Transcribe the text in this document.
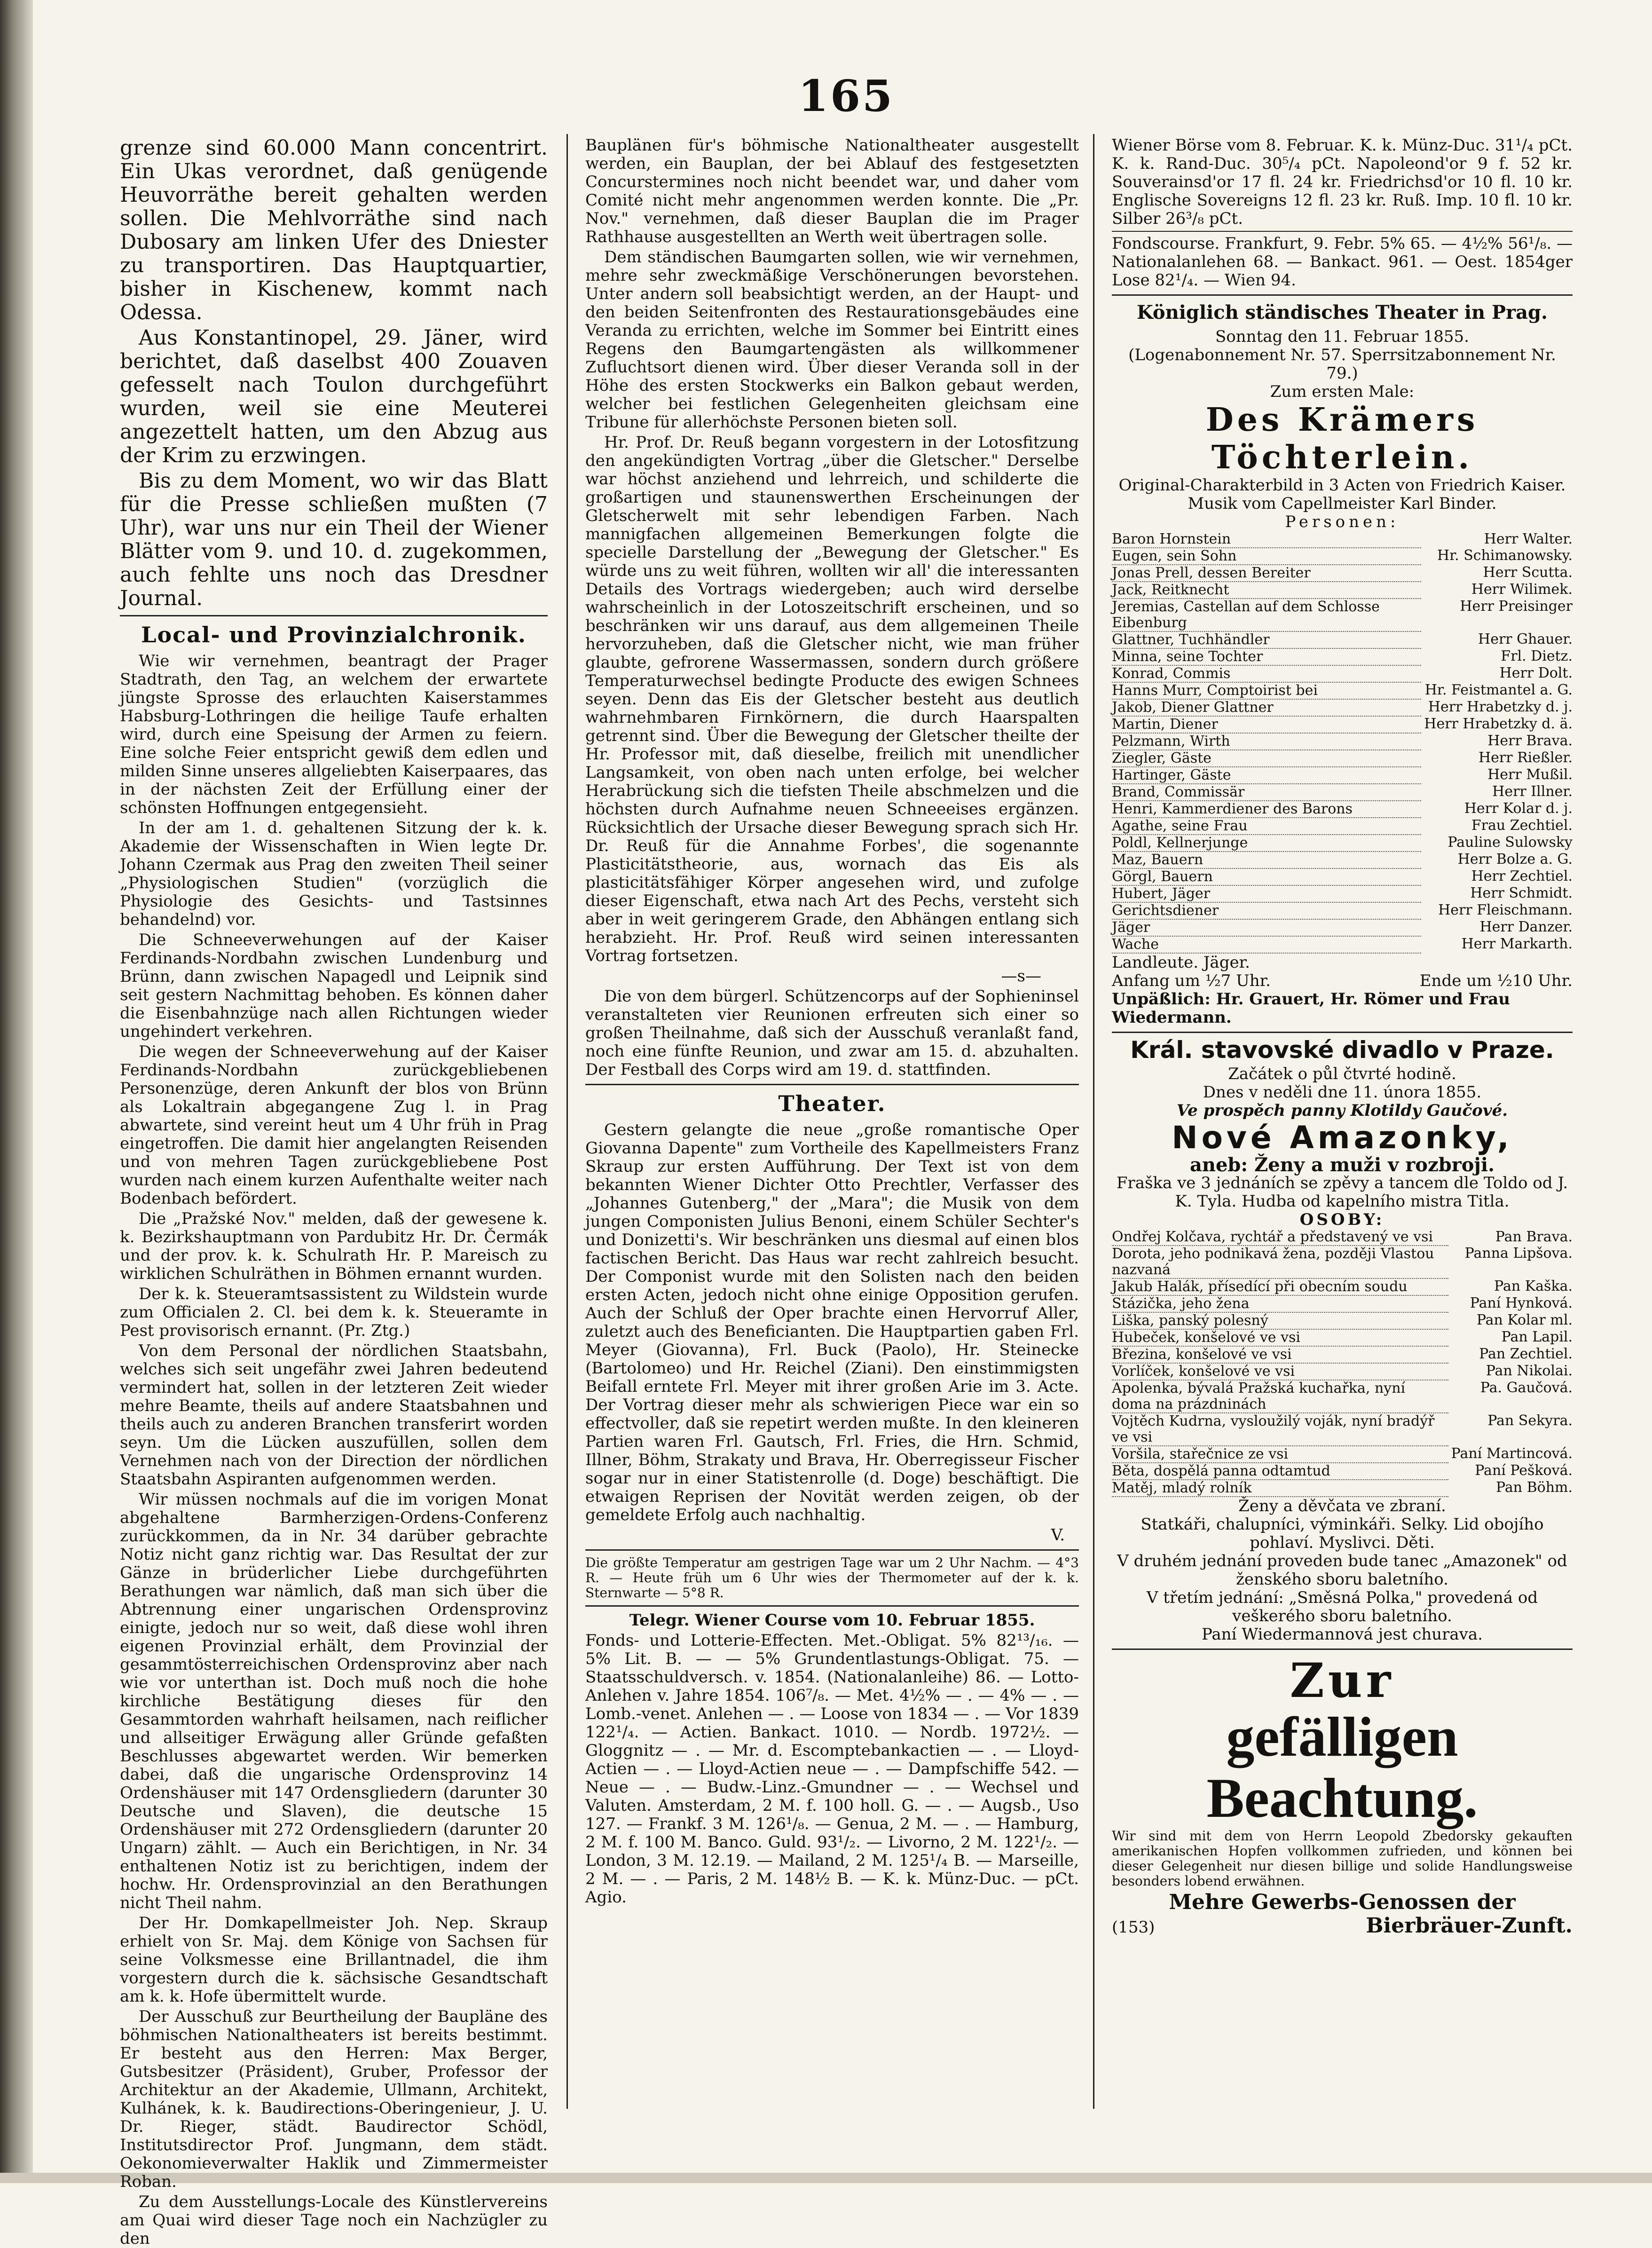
165

grenze sind 60.000 Mann concentrirt. Ein Ukas verordnet, daß genügende Heuvorräthe bereit gehalten werden sollen. Die Mehlvorräthe sind nach Dubosary am linken Ufer des Dniester zu transportiren. Das Hauptquartier, bisher in Kischenew, kommt nach Odessa.

Aus Konstantinopel, 29. Jäner, wird berichtet, daß daselbst 400 Zouaven gefesselt nach Toulon durchgeführt wurden, weil sie eine Meuterei angezettelt hatten, um den Abzug aus der Krim zu erzwingen.

Bis zu dem Moment, wo wir das Blatt für die Presse schließen mußten (7 Uhr), war uns nur ein Theil der Wiener Blätter vom 9. und 10. d. zugekommen, auch fehlte uns noch das Dresdner Journal.

Local- und Provinzialchronik.

Wie wir vernehmen, beantragt der Prager Stadtrath, den Tag, an welchem der erwartete jüngste Sprosse des erlauchten Kaiserstammes Habsburg-Lothringen die heilige Taufe erhalten wird, durch eine Speisung der Armen zu feiern. Eine solche Feier entspricht gewiß dem edlen und milden Sinne unseres allgeliebten Kaiserpaares, das in der nächsten Zeit der Erfüllung einer der schönsten Hoffnungen entgegensieht.

In der am 1. d. gehaltenen Sitzung der k. k. Akademie der Wissenschaften in Wien legte Dr. Johann Czermak aus Prag den zweiten Theil seiner „Physiologischen Studien" (vorzüglich die Physiologie des Gesichts- und Tastsinnes behandelnd) vor.

Die Schneeverwehungen auf der Kaiser Ferdinands-Nordbahn zwischen Lundenburg und Brünn, dann zwischen Napagedl und Leipnik sind seit gestern Nachmittag behoben. Es können daher die Eisenbahnzüge nach allen Richtungen wieder ungehindert verkehren.

Die wegen der Schneeverwehung auf der Kaiser Ferdinands-Nordbahn zurückgebliebenen Personenzüge, deren Ankunft der blos von Brünn als Lokaltrain abgegangene Zug l. in Prag abwartete, sind vereint heut um 4 Uhr früh in Prag eingetroffen. Die damit hier angelangten Reisenden und von mehren Tagen zurückgebliebene Post wurden nach einem kurzen Aufenthalte weiter nach Bodenbach befördert.

Die „Pražské Nov." melden, daß der gewesene k. k. Bezirkshauptmann von Pardubitz Hr. Dr. Čermák und der prov. k. k. Schulrath Hr. P. Mareisch zu wirklichen Schulräthen in Böhmen ernannt wurden.

Der k. k. Steueramtsassistent zu Wildstein wurde zum Officialen 2. Cl. bei dem k. k. Steueramte in Pest provisorisch ernannt. (Pr. Ztg.)

Von dem Personal der nördlichen Staatsbahn, welches sich seit ungefähr zwei Jahren bedeutend vermindert hat, sollen in der letzteren Zeit wieder mehre Beamte, theils auf andere Staatsbahnen und theils auch zu anderen Branchen transferirt worden seyn. Um die Lücken auszufüllen, sollen dem Vernehmen nach von der Direction der nördlichen Staatsbahn Aspiranten aufgenommen werden.

Wir müssen nochmals auf die im vorigen Monat abgehaltene Barmherzigen-Ordens-Conferenz zurückkommen, da in Nr. 34 darüber gebrachte Notiz nicht ganz richtig war. Das Resultat der zur Gänze in brüderlicher Liebe durchgeführten Berathungen war nämlich, daß man sich über die Abtrennung einer ungarischen Ordensprovinz einigte, jedoch nur so weit, daß diese wohl ihren eigenen Provinzial erhält, dem Provinzial der gesammtösterreichischen Ordensprovinz aber nach wie vor unterthan ist. Doch muß noch die hohe kirchliche Bestätigung dieses für den Gesammtorden wahrhaft heilsamen, nach reiflicher und allseitiger Erwägung aller Gründe gefaßten Beschlusses abgewartet werden. Wir bemerken dabei, daß die ungarische Ordensprovinz 14 Ordenshäuser mit 147 Ordensgliedern (darunter 30 Deutsche und Slaven), die deutsche 15 Ordenshäuser mit 272 Ordensgliedern (darunter 20 Ungarn) zählt. — Auch ein Berichtigen, in Nr. 34 enthaltenen Notiz ist zu berichtigen, indem der hochw. Hr. Ordensprovinzial an den Berathungen nicht Theil nahm.

Der Hr. Domkapellmeister Joh. Nep. Skraup erhielt von Sr. Maj. dem Könige von Sachsen für seine Volksmesse eine Brillantnadel, die ihm vorgestern durch die k. sächsische Gesandtschaft am k. k. Hofe übermittelt wurde.

Der Ausschuß zur Beurtheilung der Baupläne des böhmischen Nationaltheaters ist bereits bestimmt. Er besteht aus den Herren: Max Berger, Gutsbesitzer (Präsident), Gruber, Professor der Architektur an der Akademie, Ullmann, Architekt, Kulhánek, k. k. Baudirections-Oberingenieur, J. U. Dr. Rieger, städt. Baudirector Schödl, Institutsdirector Prof. Jungmann, dem städt. Oekonomieverwalter Haklik und Zimmermeister Roban.

Zu dem Ausstellungs-Locale des Künstlervereins am Quai wird dieser Tage noch ein Nachzügler zu den

Bauplänen für's böhmische Nationaltheater ausgestellt werden, ein Bauplan, der bei Ablauf des festgesetzten Concurstermines noch nicht beendet war, und daher vom Comité nicht mehr angenommen werden konnte. Die „Pr. Nov." vernehmen, daß dieser Bauplan die im Prager Rathhause ausgestellten an Werth weit übertragen solle.

Dem ständischen Baumgarten sollen, wie wir vernehmen, mehre sehr zweckmäßige Verschönerungen bevorstehen. Unter andern soll beabsichtigt werden, an der Haupt- und den beiden Seitenfronten des Restaurationsgebäudes eine Veranda zu errichten, welche im Sommer bei Eintritt eines Regens den Baumgartengästen als willkommener Zufluchtsort dienen wird. Über dieser Veranda soll in der Höhe des ersten Stockwerks ein Balkon gebaut werden, welcher bei festlichen Gelegenheiten gleichsam eine Tribune für allerhöchste Personen bieten soll.

Hr. Prof. Dr. Reuß begann vorgestern in der Lotosfitzung den angekündigten Vortrag „über die Gletscher." Derselbe war höchst anziehend und lehrreich, und schilderte die großartigen und staunenswerthen Erscheinungen der Gletscherwelt mit sehr lebendigen Farben. Nach mannigfachen allgemeinen Bemerkungen folgte die specielle Darstellung der „Bewegung der Gletscher." Es würde uns zu weit führen, wollten wir all' die interessanten Details des Vortrags wiedergeben; auch wird derselbe wahrscheinlich in der Lotoszeitschrift erscheinen, und so beschränken wir uns darauf, aus dem allgemeinen Theile hervorzuheben, daß die Gletscher nicht, wie man früher glaubte, gefrorene Wassermassen, sondern durch größere Temperaturwechsel bedingte Producte des ewigen Schnees seyen. Denn das Eis der Gletscher besteht aus deutlich wahrnehmbaren Firnkörnern, die durch Haarspalten getrennt sind. Über die Bewegung der Gletscher theilte der Hr. Professor mit, daß dieselbe, freilich mit unendlicher Langsamkeit, von oben nach unten erfolge, bei welcher Herabrückung sich die tiefsten Theile abschmelzen und die höchsten durch Aufnahme neuen Schneeeises ergänzen. Rücksichtlich der Ursache dieser Bewegung sprach sich Hr. Dr. Reuß für die Annahme Forbes', die sogenannte Plasticitätstheorie, aus, wornach das Eis als plasticitätsfähiger Körper angesehen wird, und zufolge dieser Eigenschaft, etwa nach Art des Pechs, versteht sich aber in weit geringerem Grade, den Abhängen entlang sich herabzieht. Hr. Prof. Reuß wird seinen interessanten Vortrag fortsetzen.

—s—

Die von dem bürgerl. Schützencorps auf der Sophieninsel veranstalteten vier Reunionen erfreuten sich einer so großen Theilnahme, daß sich der Ausschuß veranlaßt fand, noch eine fünfte Reunion, und zwar am 15. d. abzuhalten. Der Festball des Corps wird am 19. d. stattfinden.

Theater.

Gestern gelangte die neue „große romantische Oper Giovanna Dapente" zum Vortheile des Kapellmeisters Franz Skraup zur ersten Aufführung. Der Text ist von dem bekannten Wiener Dichter Otto Prechtler, Verfasser des „Johannes Gutenberg," der „Mara"; die Musik von dem jungen Componisten Julius Benoni, einem Schüler Sechter's und Donizetti's. Wir beschränken uns diesmal auf einen blos factischen Bericht. Das Haus war recht zahlreich besucht. Der Componist wurde mit den Solisten nach den beiden ersten Acten, jedoch nicht ohne einige Opposition gerufen. Auch der Schluß der Oper brachte einen Hervorruf Aller, zuletzt auch des Beneficianten. Die Hauptpartien gaben Frl. Meyer (Giovanna), Frl. Buck (Paolo), Hr. Steinecke (Bartolomeo) und Hr. Reichel (Ziani). Den einstimmigsten Beifall erntete Frl. Meyer mit ihrer großen Arie im 3. Acte. Der Vortrag dieser mehr als schwierigen Piece war ein so effectvoller, daß sie repetirt werden mußte. In den kleineren Partien waren Frl. Gautsch, Frl. Fries, die Hrn. Schmid, Illner, Böhm, Strakaty und Brava, Hr. Oberregisseur Fischer sogar nur in einer Statistenrolle (d. Doge) beschäftigt. Die etwaigen Reprisen der Novität werden zeigen, ob der gemeldete Erfolg auch nachhaltig.

V.

Die größte Temperatur am gestrigen Tage war um 2 Uhr Nachm. — 4°3 R. — Heute früh um 6 Uhr wies der Thermometer auf der k. k. Sternwarte — 5°8 R.

Telegr. Wiener Course vom 10. Februar 1855.

Fonds- und Lotterie-Effecten. Met.-Obligat. 5% 82¹³/₁₆. — 5% Lit. B. — — 5% Grundentlastungs-Obligat. 75. — Staatsschuldversch. v. 1854. (Nationalanleihe) 86. — Lotto-Anlehen v. Jahre 1854. 106⁷/₈. — Met. 4½% — . — 4% — . — Lomb.-venet. Anlehen — . — Loose von 1834 — . — Vor 1839 122¹/₄. — Actien. Bankact. 1010. — Nordb. 1972½. — Gloggnitz — . — Mr. d. Escomptebankactien — . — Lloyd-Actien — . — Lloyd-Actien neue — . — Dampfschiffe 542. — Neue — . — Budw.-Linz.-Gmundner — . — Wechsel und Valuten. Amsterdam, 2 M. f. 100 holl. G. — . — Augsb., Uso 127. — Frankf. 3 M. 126¹/₈. — Genua, 2 M. — . — Hamburg, 2 M. f. 100 M. Banco. Guld. 93¹/₂. — Livorno, 2 M. 122¹/₂. — London, 3 M. 12.19. — Mailand, 2 M. 125¹/₄ B. — Marseille, 2 M. — . — Paris, 2 M. 148½ B. — K. k. Münz-Duc. — pCt. Agio.

Wiener Börse vom 8. Februar. K. k. Münz-Duc. 31¹/₄ pCt. K. k. Rand-Duc. 30⁵/₄ pCt. Napoleond'or 9 f. 52 kr. Souverainsd'or 17 fl. 24 kr. Friedrichsd'or 10 fl. 10 kr. Englische Sovereigns 12 fl. 23 kr. Ruß. Imp. 10 fl. 10 kr. Silber 26³/₈ pCt.

Fondscourse. Frankfurt, 9. Febr. 5% 65. — 4½% 56¹/₈. — Nationalanlehen 68. — Bankact. 961. — Oest. 1854ger Lose 82¹/₄. — Wien 94.

Königlich ständisches Theater in Prag.
Sonntag den 11. Februar 1855.
(Logenabonnement Nr. 57. Sperrsitzabonnement Nr. 79.)
Zum ersten Male:
Des Krämers Töchterlein.
Original-Charakterbild in 3 Acten von Friedrich Kaiser.
Musik vom Capellmeister Karl Binder.
Personen:
Baron Hornstein	Herr Walter.
Eugen, sein Sohn	Hr. Schimanowsky.
Jonas Prell, dessen Bereiter	Herr Scutta.
Jack, Reitknecht	Herr Wilimek.
Jeremias, Castellan auf dem Schlosse Eibenburg	Herr Preisinger
Glattner, Tuchhändler	Herr Ghauer.
Minna, seine Tochter	Frl. Dietz.
Konrad, Commis	Herr Dolt.
Hanns Murr, Comptoirist bei	Hr. Feistmantel a. G.
Jakob, Diener Glattner	Herr Hrabetzky d. j.
Martin, Diener	Herr Hrabetzky d. ä.
Pelzmann, Wirth	Herr Brava.
Ziegler, Gäste	Herr Rießler.
Hartinger, Gäste	Herr Mußil.
Brand, Commissär	Herr Illner.
Henri, Kammerdiener des Barons	Herr Kolar d. j.
Agathe, seine Frau	Frau Zechtiel.
Poldl, Kellnerjunge	Pauline Sulowsky
Maz, Bauern	Herr Bolze a. G.
Görgl, Bauern	Herr Zechtiel.
Hubert, Jäger	Herr Schmidt.
Gerichtsdiener	Herr Fleischmann.
Jäger	Herr Danzer.
Wache	Herr Markarth.
Landleute. Jäger.
Anfang um ½7 Uhr.	Ende um ½10 Uhr.
Unpäßlich: Hr. Grauert, Hr. Römer und Frau Wiedermann.
Král. stavovské divadlo v Praze.
Začátek o půl čtvrté hodině.
Dnes v neděli dne 11. února 1855.
Ve prospěch panny Klotildy Gaučové.
Nové Amazonky,
aneb: Ženy a muži v rozbroji.
Fraška ve 3 jednáních se zpěvy a tancem dle Toldo od J. K. Tyla. Hudba od kapelního mistra Titla.
OSOBY:
Ondřej Kolčava, rychtář a představený ve vsi	Pan Brava.
Dorota, jeho podnikavá žena, později Vlastou nazvaná	Panna Lipšova.
Jakub Halák, přísedící při obecním soudu	Pan Kaška.
Stázička, jeho žena	Paní Hynková.
Liška, panský polesný	Pan Kolar ml.
Hubeček, konšelové ve vsi	Pan Lapil.
Březina, konšelové ve vsi	Pan Zechtiel.
Vorlíček, konšelové ve vsi	Pan Nikolai.
Apolenka, bývalá Pražská kuchařka, nyní doma na prázdninách	Pa. Gaučová.
Vojtěch Kudrna, vysloužilý voják, nyní bradýř ve vsi	Pan Sekyra.
Voršila, stařečnice ze vsi	Paní Martincová.
Běta, dospělá panna odtamtud	Paní Pešková.
Matěj, mladý rolník	Pan Böhm.
Ženy a děvčata ve zbraní.
Statkáři, chalupníci, výminkáři. Selky. Lid obojího pohlaví. Myslivci. Děti.
V druhém jednání proveden bude tanec „Amazonek" od ženského sboru baletního.
V třetím jednání: „Směsná Polka," provedená od veškerého sboru baletního.
Paní Wiedermannová jest churava.
Zur
gefälligen Beachtung.

Wir sind mit dem von Herrn Leopold Zbedorsky gekauften amerikanischen Hopfen vollkommen zufrieden, und können bei dieser Gelegenheit nur diesen billige und solide Handlungsweise besonders lobend erwähnen.

Mehre Gewerbs-Genossen der
(153)	Bierbräuer-Zunft.
